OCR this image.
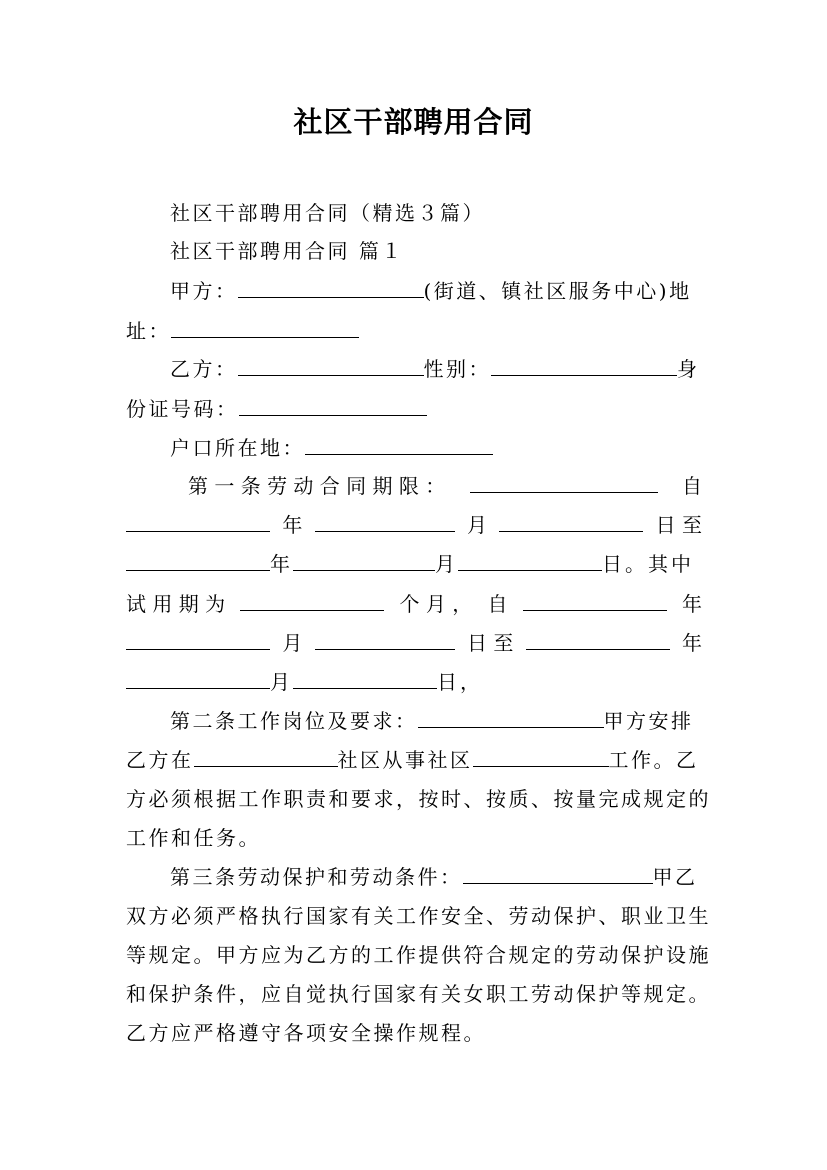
社区干部聘用合同
社区干部聘用合同（精选３篇）
社区干部聘用合同 篇１
甲方：	(街道、镇社区服务中心)地
址：
乙方：	性别：	身
份证号码：
户口所在地：
第 一 条 劳 动 合 同 期 限 ：	自
年	月	日 至
年	月	日。其中
试 用 期 为	个 月 ， 自	年
月	日 至	年
月	日，
第二条工作岗位及要求：	甲方安排
乙方在	社区从事社区	工作。乙
方必须根据工作职责和要求，按时、按质、按量完成规定的
工作和任务。
第三条劳动保护和劳动条件：	甲乙
双方必须严格执行国家有关工作安全、劳动保护、职业卫生
等规定。甲方应为乙方的工作提供符合规定的劳动保护设施
和保护条件，应自觉执行国家有关女职工劳动保护等规定。
乙方应严格遵守各项安全操作规程。
